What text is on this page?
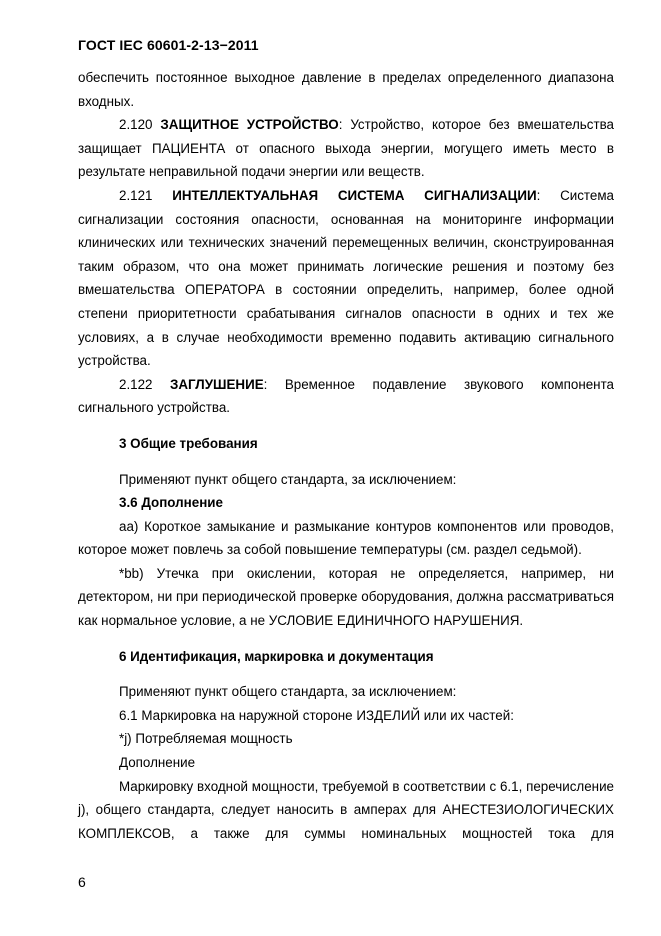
ГОСТ IEC 60601-2-13−2011

обеспечить постоянное выходное давление в пределах определенного диапазона входных.

2.120 ЗАЩИТНОЕ УСТРОЙСТВО: Устройство, которое без вмешательства защищает ПАЦИЕНТА от опасного выхода энергии, могущего иметь место в результате неправильной подачи энергии или веществ.

2.121 ИНТЕЛЛЕКТУАЛЬНАЯ СИСТЕМА СИГНАЛИЗАЦИИ: Система сигнализации состояния опасности, основанная на мониторинге информации клинических или технических значений перемещенных величин, сконструированная таким образом, что она может принимать логические решения и поэтому без вмешательства ОПЕРАТОРА в состоянии определить, например, более одной степени приоритетности срабатывания сигналов опасности в одних и тех же условиях, а в случае необходимости временно подавить активацию сигнального устройства.

2.122 ЗАГЛУШЕНИЕ: Временное подавление звукового компонента сигнального устройства.

3 Общие требования

Применяют пункт общего стандарта, за исключением:

3.6 Дополнение

aa) Короткое замыкание и размыкание контуров компонентов или проводов, которое может повлечь за собой повышение температуры (см. раздел седьмой).

*bb) Утечка при окислении, которая не определяется, например, ни детектором, ни при периодической проверке оборудования, должна рассматриваться как нормальное условие, а не УСЛОВИЕ ЕДИНИЧНОГО НАРУШЕНИЯ.

6 Идентификация, маркировка и документация

Применяют пункт общего стандарта, за исключением:

6.1 Маркировка на наружной стороне ИЗДЕЛИЙ или их частей:

*j) Потребляемая мощность

Дополнение

Маркировку входной мощности, требуемой в соответствии с 6.1, перечисление j), общего стандарта, следует наносить в амперах для АНЕСТЕЗИОЛОГИЧЕСКИХ КОМПЛЕКСОВ, а также для суммы номинальных мощностей тока для

6
